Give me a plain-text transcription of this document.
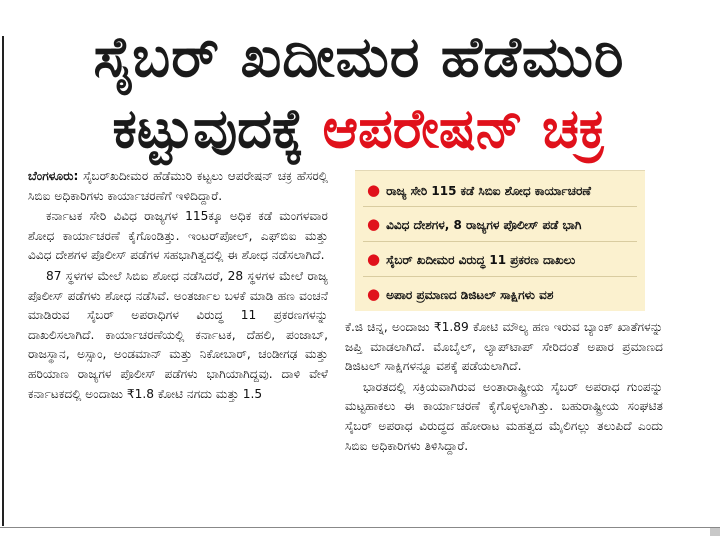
ಸೈಬರ್ ಖದೀಮರ ಹೆಡೆಮುರಿ
ಕಟ್ಟುವುದಕ್ಕೆ ಆಪರೇಷನ್ ಚಕ್ರ

ಬೆಂಗಳೂರು: ಸೈಬರ್‌ಖದೀಮರ ಹೆಡೆಮುರಿ ಕಟ್ಟಲು ಆಪರೇಷನ್ ಚಕ್ರ ಹೆಸರಲ್ಲಿ ಸಿಬಿಐ ಅಧಿಕಾರಿಗಳು ಕಾರ್ಯಾಚರಣೆಗೆ ಇಳಿದಿದ್ದಾರೆ.

ಕರ್ನಾಟಕ ಸೇರಿ ವಿವಿಧ ರಾಜ್ಯಗಳ 115ಕ್ಕೂ ಅಧಿಕ ಕಡೆ ಮಂಗಳವಾರ ಶೋಧ ಕಾರ್ಯಾಚರಣೆ ಕೈಗೊಂಡಿತ್ತು. ಇಂಟರ್‌ಪೋಲ್, ಎಫ್‌ಬಿಐ ಮತ್ತು ವಿವಿಧ ದೇಶಗಳ ಪೊಲೀಸ್ ಪಡೆಗಳ ಸಹಭಾಗಿತ್ವದಲ್ಲಿ ಈ ಶೋಧ ನಡೆಸಲಾಗಿದೆ.

87 ಸ್ಥಳಗಳ ಮೇಲೆ ಸಿಬಿಐ ಶೋಧ ನಡೆಸಿದರೆ, 28 ಸ್ಥಳಗಳ ಮೇಲೆ ರಾಜ್ಯ ಪೊಲೀಸ್ ಪಡೆಗಳು ಶೋಧ ನಡೆಸಿವೆ. ಅಂತರ್ಜಾಲ ಬಳಕೆ ಮಾಡಿ ಹಣ ವಂಚನೆ ಮಾಡಿರುವ ಸೈಬರ್ ಅಪರಾಧಿಗಳ ವಿರುದ್ಧ 11 ಪ್ರಕರಣಗಳನ್ನು ದಾಖಲಿಸಲಾಗಿದೆ. ಕಾರ್ಯಾಚರಣೆಯಲ್ಲಿ ಕರ್ನಾಟಕ, ದೆಹಲಿ, ಪಂಜಾಬ್, ರಾಜಸ್ಥಾನ, ಅಸ್ಸಾಂ, ಅಂಡಮಾನ್ ಮತ್ತು ನಿಕೋಬಾರ್, ಚಂಡೀಗಢ ಮತ್ತು ಹರಿಯಾಣ ರಾಜ್ಯಗಳ ಪೊಲೀಸ್ ಪಡೆಗಳು ಭಾಗಿಯಾಗಿದ್ದವು. ದಾಳಿ ವೇಳೆ ಕರ್ನಾಟಕದಲ್ಲಿ ಅಂದಾಜು ₹1.8 ಕೋಟಿ ನಗದು ಮತ್ತು 1.5

● ರಾಜ್ಯ ಸೇರಿ 115 ಕಡೆ ಸಿಬಿಐ ಶೋಧ ಕಾರ್ಯಾಚರಣೆ
● ವಿವಿಧ ದೇಶಗಳ, 8 ರಾಜ್ಯಗಳ ಪೊಲೀಸ್ ಪಡೆ ಭಾಗಿ
● ಸೈಬರ್ ಖದೀಮರ ವಿರುದ್ಧ 11 ಪ್ರಕರಣ ದಾಖಲು
● ಅಪಾರ ಪ್ರಮಾಣದ ಡಿಜಿಟಲ್ ಸಾಕ್ಷಿಗಳು ವಶ

ಕೆ.ಜಿ ಚಿನ್ನ, ಅಂದಾಜು ₹1.89 ಕೋಟಿ ಮೌಲ್ಯ ಹಣ ಇರುವ ಬ್ಯಾಂಕ್ ಖಾತೆಗಳನ್ನು ಜಪ್ತಿ ಮಾಡಲಾಗಿದೆ. ಮೊಬೈಲ್, ಲ್ಯಾಪ್‌ಟಾಪ್ ಸೇರಿದಂತೆ ಅಪಾರ ಪ್ರಮಾಣದ ಡಿಜಿಟಲ್ ಸಾಕ್ಷಿಗಳನ್ನೂ ವಶಕ್ಕೆ ಪಡೆಯಲಾಗಿದೆ.

ಭಾರತದಲ್ಲಿ ಸಕ್ರಿಯವಾಗಿರುವ ಅಂತಾರಾಷ್ಟ್ರೀಯ ಸೈಬರ್ ಅಪರಾಧ ಗುಂಪನ್ನು ಮಟ್ಟಹಾಕಲು ಈ ಕಾರ್ಯಾಚರಣೆ ಕೈಗೊಳ್ಳಲಾಗಿತ್ತು. ಬಹುರಾಷ್ಟ್ರೀಯ ಸಂಘಟಿತ ಸೈಬರ್ ಅಪರಾಧ ವಿರುದ್ಧದ ಹೋರಾಟ ಮಹತ್ವದ ಮೈಲಿಗಲ್ಲು ತಲುಪಿದೆ ಎಂದು ಸಿಬಿಐ ಅಧಿಕಾರಿಗಳು ತಿಳಿಸಿದ್ದಾರೆ.
